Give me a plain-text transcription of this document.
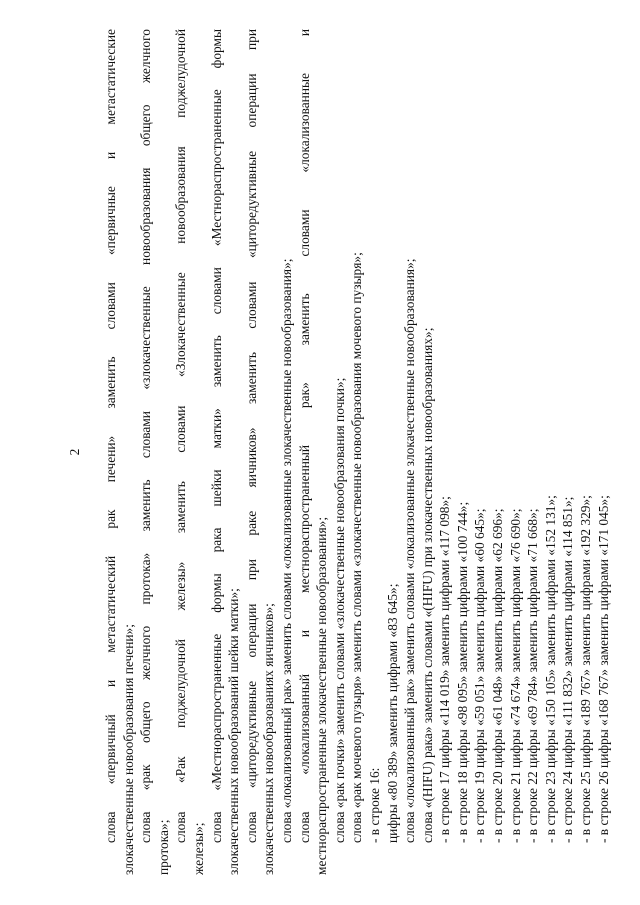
2 слова «первичный и метастатический рак печени» заменить словами «первичные и метастатические злокачественные новообразования печени»; слова «рак общего желчного протока» заменить словами «злокачественные новообразования общего желчного
протока»;
слова «Рак поджелудочной железы» заменить словами «Злокачественные новообразования поджелудочной
железы»;
слова «Местнораспространенные формы рака шейки матки» заменить словами «Местнораспространенные формы злокачественных новообразований шейки матки»; слова «циторедуктивные операции при раке яичников» заменить словами «циторедуктивные операции при злокачественных новообразованиях яичников»; слова «локализованный рак» заменить словами «локализованные злокачественные новообразования»; слова «локализованный и местнораспространенный рак» заменить словами «локализованные и местнораспространенные злокачественные новообразования»; слова «рак почки» заменить словами «злокачественные новообразования почки»; слова «рак мочевого пузыря» заменить словами «злокачественные новообразования мочевого пузыря»; - в строке 16: цифры «80 389» заменить цифрами «83 645»; слова «локализованный рак» заменить словами «локализованные злокачественные новообразования»; слова «(HIFU) рака» заменить словами «(HIFU) при злокачественных новообразованиях»; - в строке 17 цифры «114 019» заменить цифрами «117 098»; - в строке 18 цифры «98 095» заменить цифрами «100 744»; - в строке 19 цифры «59 051» заменить цифрами «60 645»; - в строке 20 цифры «61 048» заменить цифрами «62 696»; - в строке 21 цифры «74 674» заменить цифрами «76 690»; - в строке 22 цифры «69 784» заменить цифрами «71 668»; - в строке 23 цифры «150 105» заменить цифрами «152 131»; - в строке 24 цифры «111 832» заменить цифрами «114 851»; - в строке 25 цифры «189 767» заменить цифрами «192 329»; - в строке 26 цифры «168 767» заменить цифрами «171 045»;
